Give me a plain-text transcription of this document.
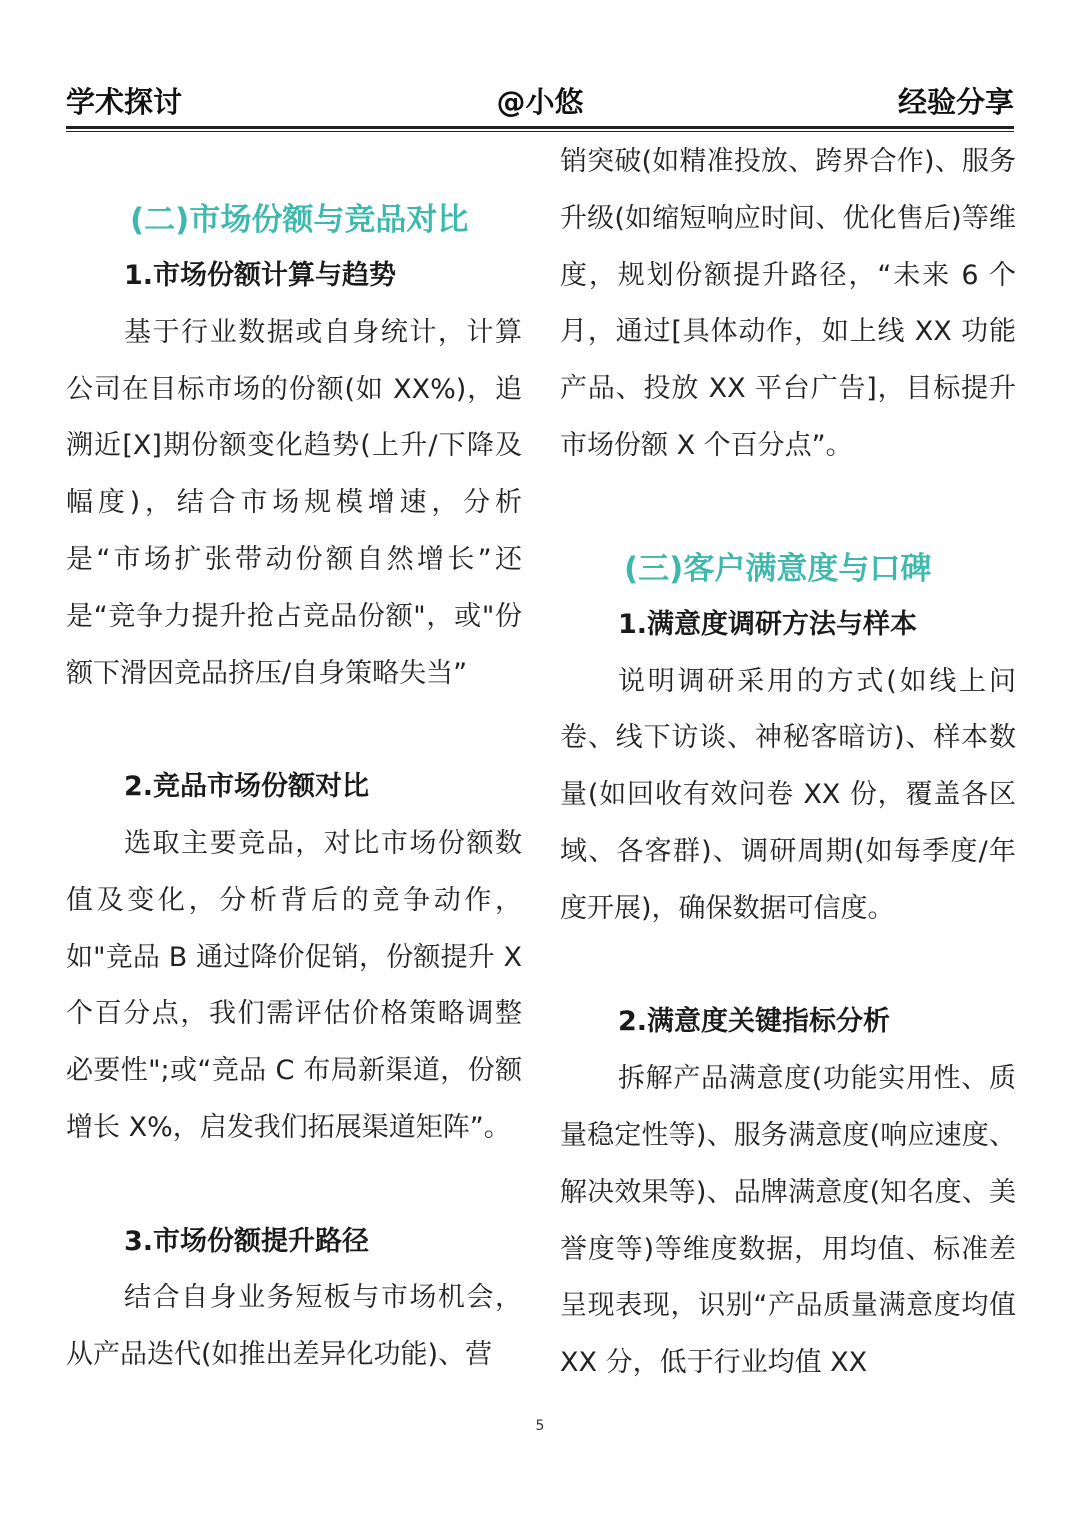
学术探讨	@小悠	经验分享

(二)市场份额与竞品对比

1.市场份额计算与趋势

基于行业数据或自身统计，计算公司在目标市场的份额(如 XX%)，追溯近[X]期份额变化趋势(上升/下降及幅度)，结合市场规模增速，分析是“市场扩张带动份额自然增长”还是“竞争力提升抢占竞品份额"，或"份额下滑因竞品挤压/自身策略失当”

2.竞品市场份额对比

选取主要竞品，对比市场份额数值及变化，分析背后的竞争动作，如"竞品 B 通过降价促销，份额提升 X 个百分点，我们需评估价格策略调整必要性";或“竞品 C 布局新渠道，份额增长 X%，启发我们拓展渠道矩阵”。

3.市场份额提升路径

结合自身业务短板与市场机会，从产品迭代(如推出差异化功能)、营

销突破(如精准投放、跨界合作)、服务升级(如缩短响应时间、优化售后)等维度，规划份额提升路径，“未来 6 个月，通过[具体动作，如上线 XX 功能产品、投放 XX 平台广告]，目标提升市场份额 X 个百分点”。

(三)客户满意度与口碑

1.满意度调研方法与样本

说明调研采用的方式(如线上问卷、线下访谈、神秘客暗访)、样本数量(如回收有效问卷 XX 份，覆盖各区域、各客群)、调研周期(如每季度/年度开展)，确保数据可信度。

2.满意度关键指标分析

拆解产品满意度(功能实用性、质量稳定性等)、服务满意度(响应速度、解决效果等)、品牌满意度(知名度、美誉度等)等维度数据，用均值、标准差呈现表现，识别“产品质量满意度均值 XX 分，低于行业均值 XX

5
